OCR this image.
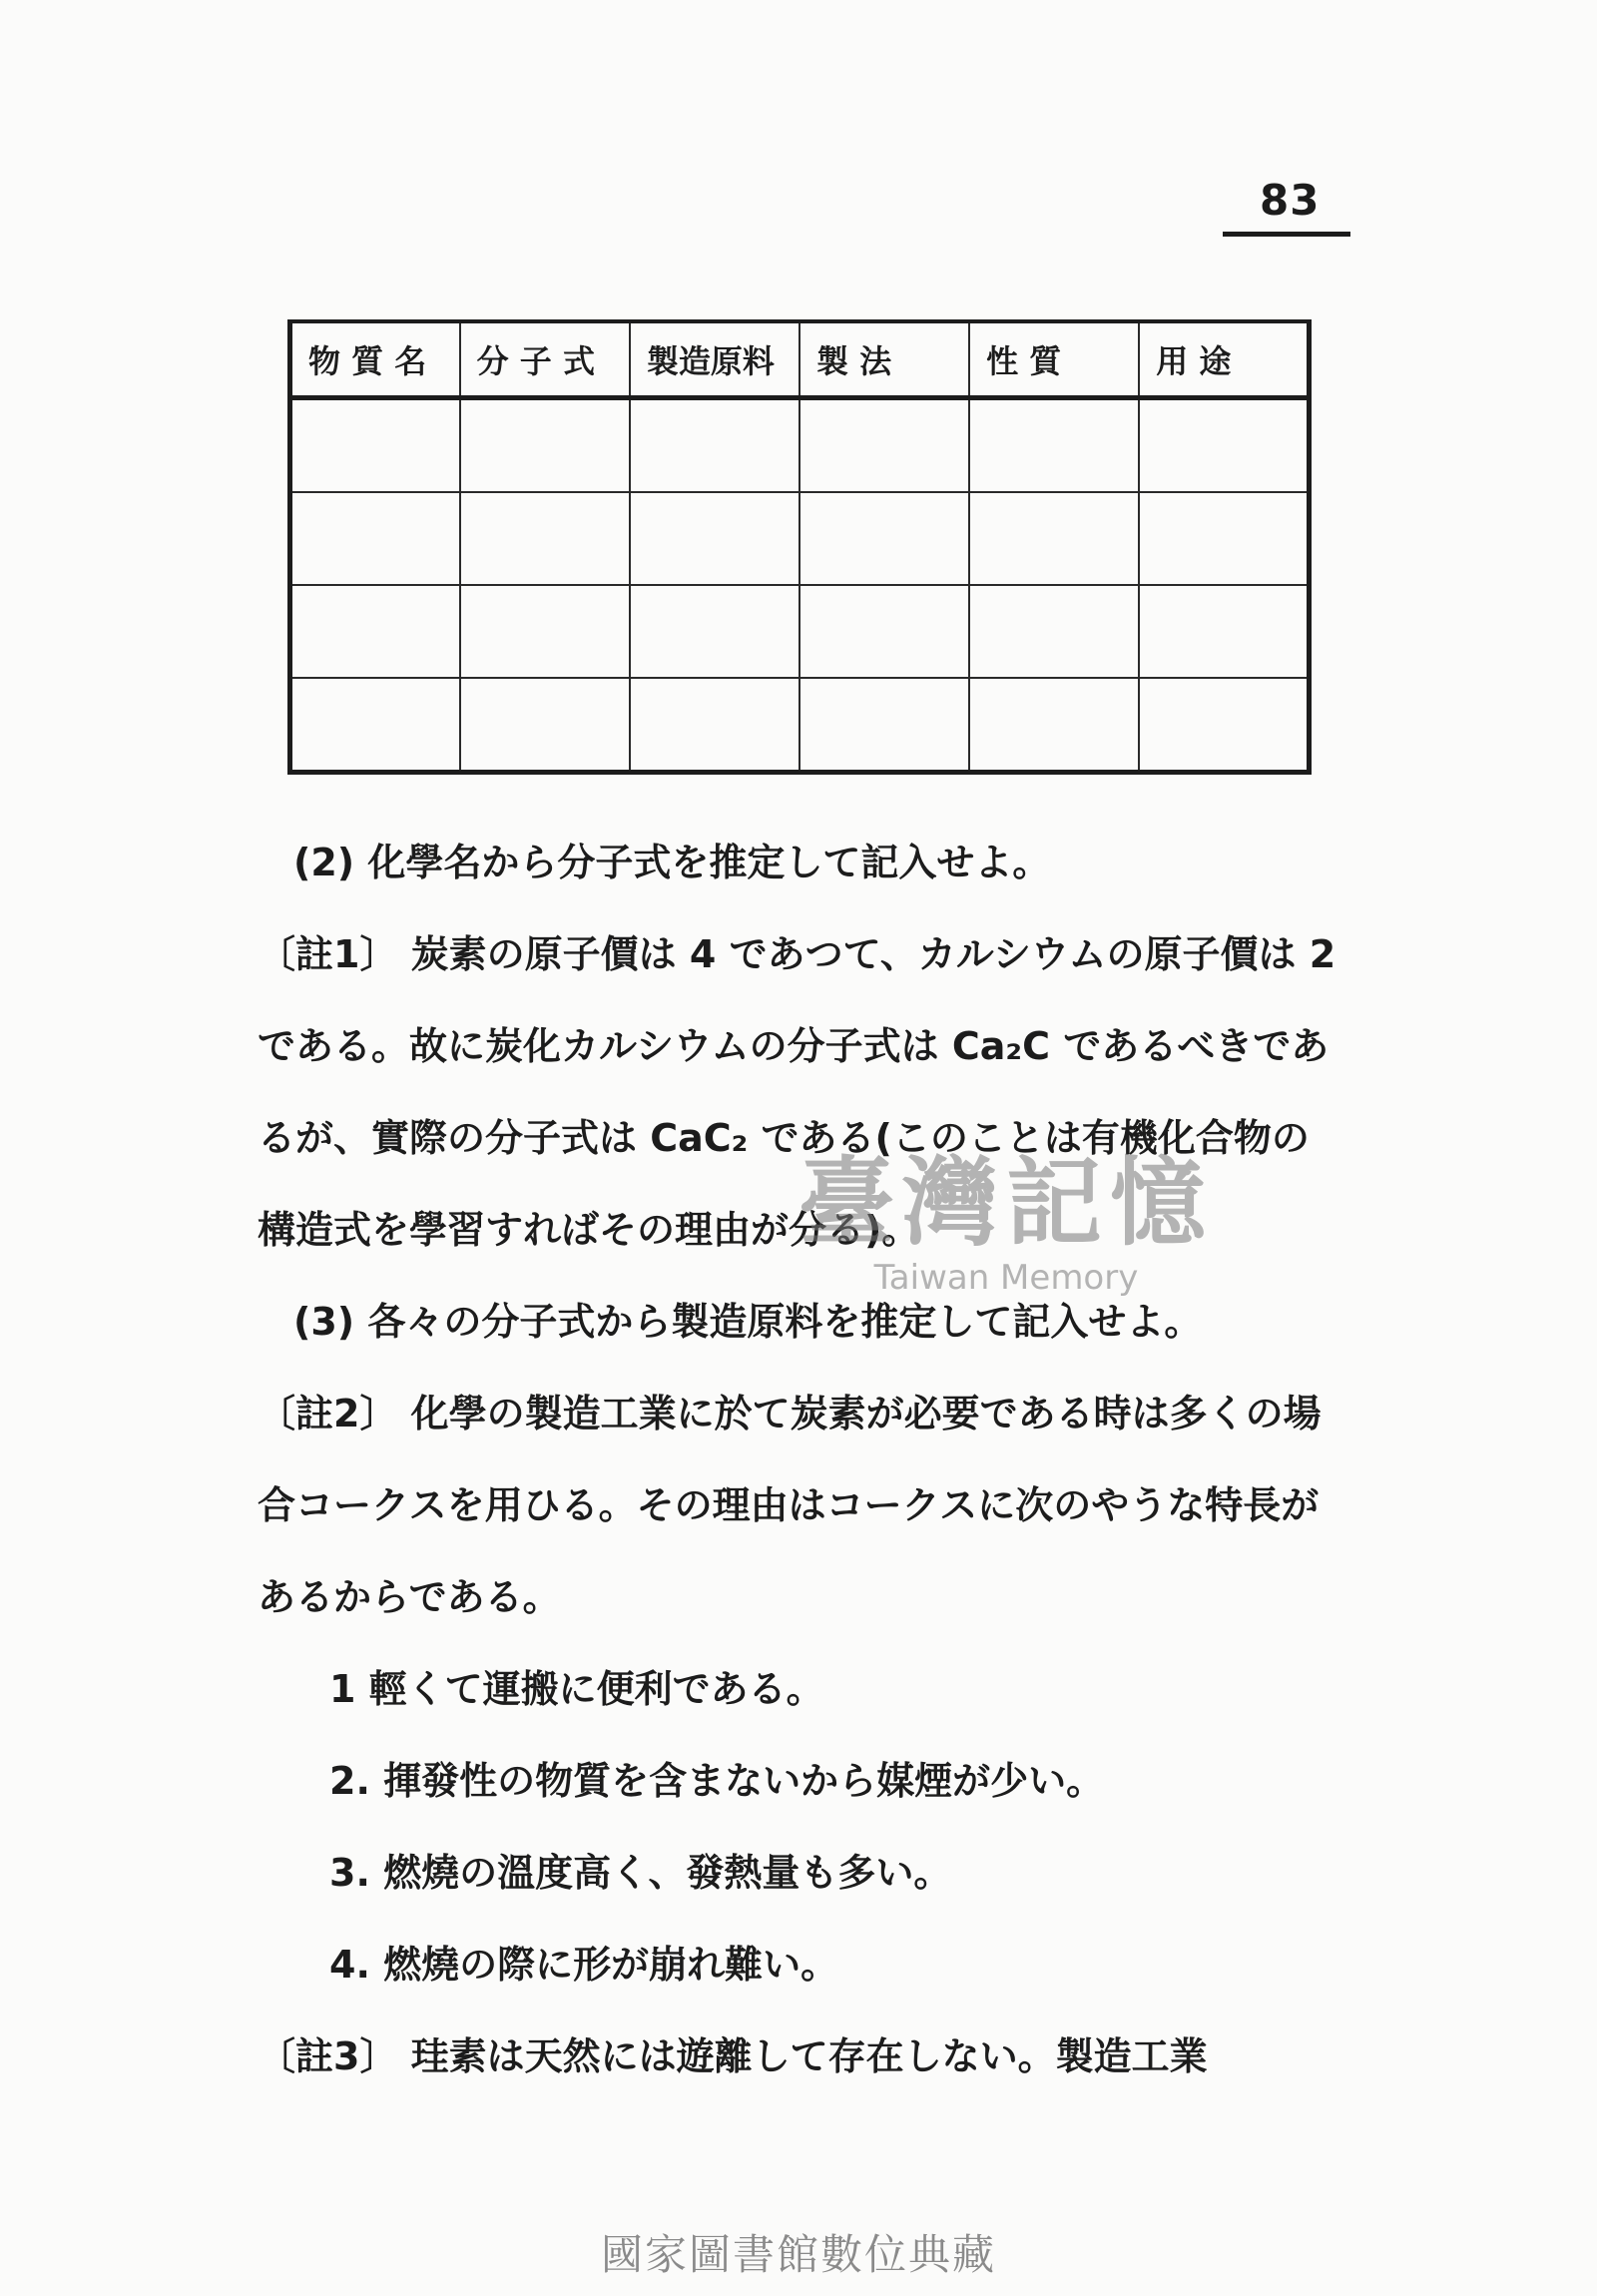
83
物 質 名	分 子 式	製造原料	製 法	性 質	用 途

(2) 化學名から分子式を推定して記入せよ。

〔註1〕 炭素の原子價は 4 であつて、カルシウムの原子價は 2 である。故に炭化カルシウムの分子式は Ca₂C であるべきであるが、實際の分子式は CaC₂ である(このことは有機化合物の構造式を學習すればその理由が分る)。

(3) 各々の分子式から製造原料を推定して記入せよ。

〔註2〕 化學の製造工業に於て炭素が必要である時は多くの場合コークスを用ひる。その理由はコークスに次のやうな特長があるからである。

1 輕くて運搬に便利である。

2. 揮發性の物質を含まないから媒煙が少い。

3. 燃燒の溫度高く、發熱量も多い。

4. 燃燒の際に形が崩れ難い。

〔註3〕 珪素は天然には遊離して存在しない。製造工業

臺灣記憶
Taiwan Memory
國家圖書館數位典藏
